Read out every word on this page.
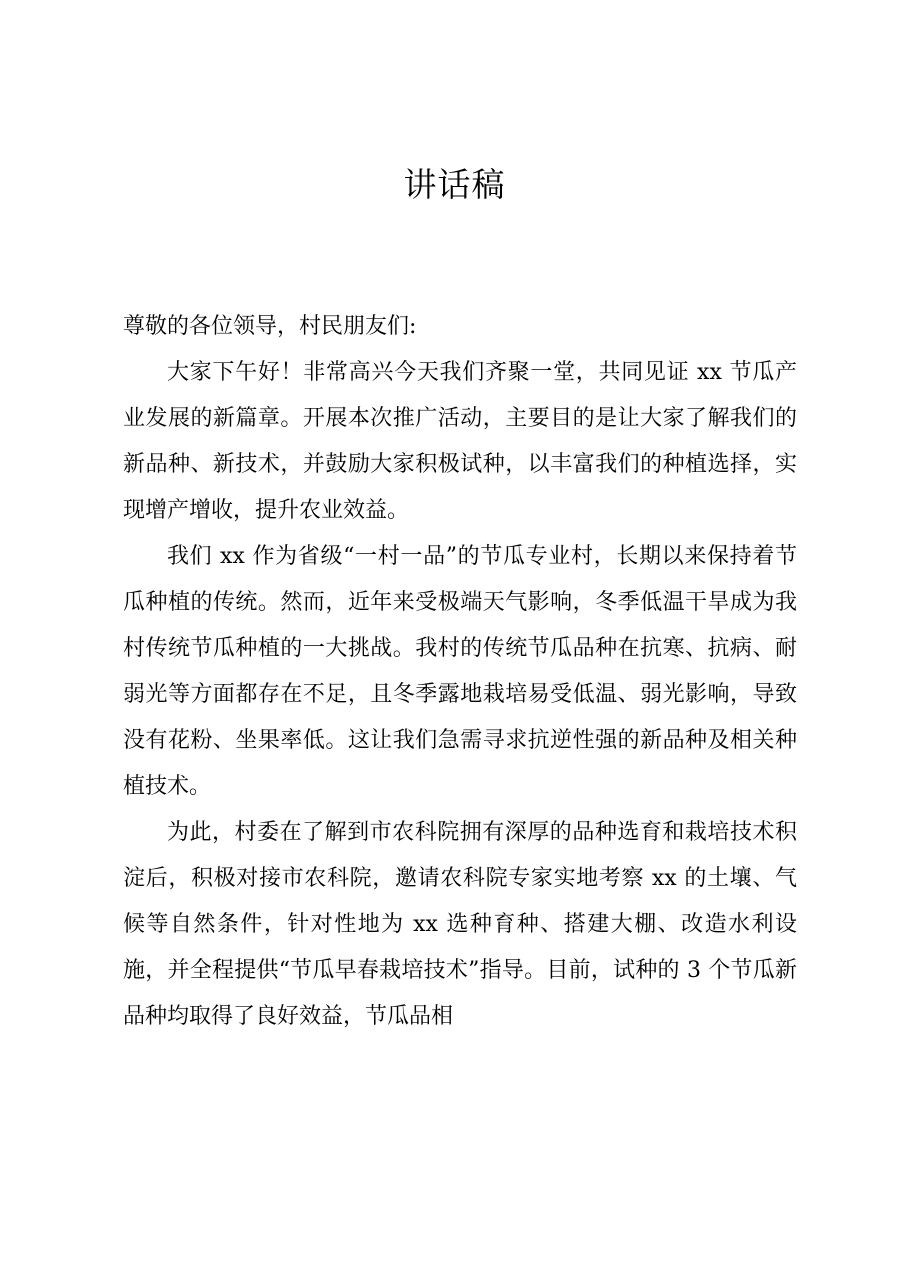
讲话稿

尊敬的各位领导，村民朋友们:

大家下午好！非常高兴今天我们齐聚一堂，共同见证 xx 节瓜产业发展的新篇章。开展本次推广活动，主要目的是让大家了解我们的新品种、新技术，并鼓励大家积极试种，以丰富我们的种植选择，实现增产增收，提升农业效益。

我们 xx 作为省级“一村一品”的节瓜专业村，长期以来保持着节瓜种植的传统。然而，近年来受极端天气影响，冬季低温干旱成为我村传统节瓜种植的一大挑战。我村的传统节瓜品种在抗寒、抗病、耐弱光等方面都存在不足，且冬季露地栽培易受低温、弱光影响，导致没有花粉、坐果率低。这让我们急需寻求抗逆性强的新品种及相关种植技术。

为此，村委在了解到市农科院拥有深厚的品种选育和栽培技术积淀后，积极对接市农科院，邀请农科院专家实地考察 xx 的土壤、气候等自然条件，针对性地为 xx 选种育种、搭建大棚、改造水利设施，并全程提供“节瓜早春栽培技术”指导。目前，试种的 3 个节瓜新品种均取得了良好效益，节瓜品相
